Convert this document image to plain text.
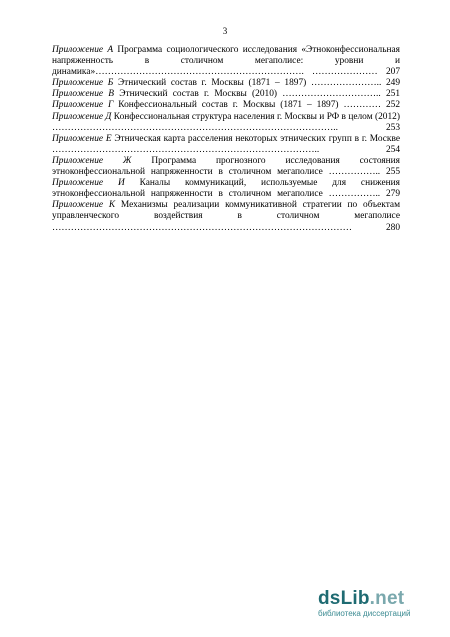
3
Приложение А Программа социологического исследования «Этноконфессиональная напряженность в столичном мегаполисе: уровни и динамика»…………………………………………………………. ………………… 207
Приложение Б Этнический состав г. Москвы (1871 – 1897) ………………….. 249
Приложение В Этнический состав г. Москвы (2010) ………………………….. 251
Приложение Г Конфессиональный состав г. Москвы (1871 – 1897) ………… 252
Приложение Д Конфессиональная структура населения г. Москвы и РФ в целом (2012) ………………………………………………………………………………..	253
Приложение Е Этническая карта расселения некоторых этнических групп в г. Москве …………………………………………………………………………..	254
Приложение Ж Программа прогнозного исследования состояния этноконфессиональной напряженности в столичном мегаполисе …………….. 255
Приложение И Каналы коммуникаций, используемые для снижения этноконфессиональной напряженности в столичном мегаполисе …………….. 279
Приложение К Механизмы реализации коммуникативной стратегии по объектам управленческого воздействия в столичном мегаполисе ……………………………………………………………………………………	280
dsLib.net
библиотека диссертаций
